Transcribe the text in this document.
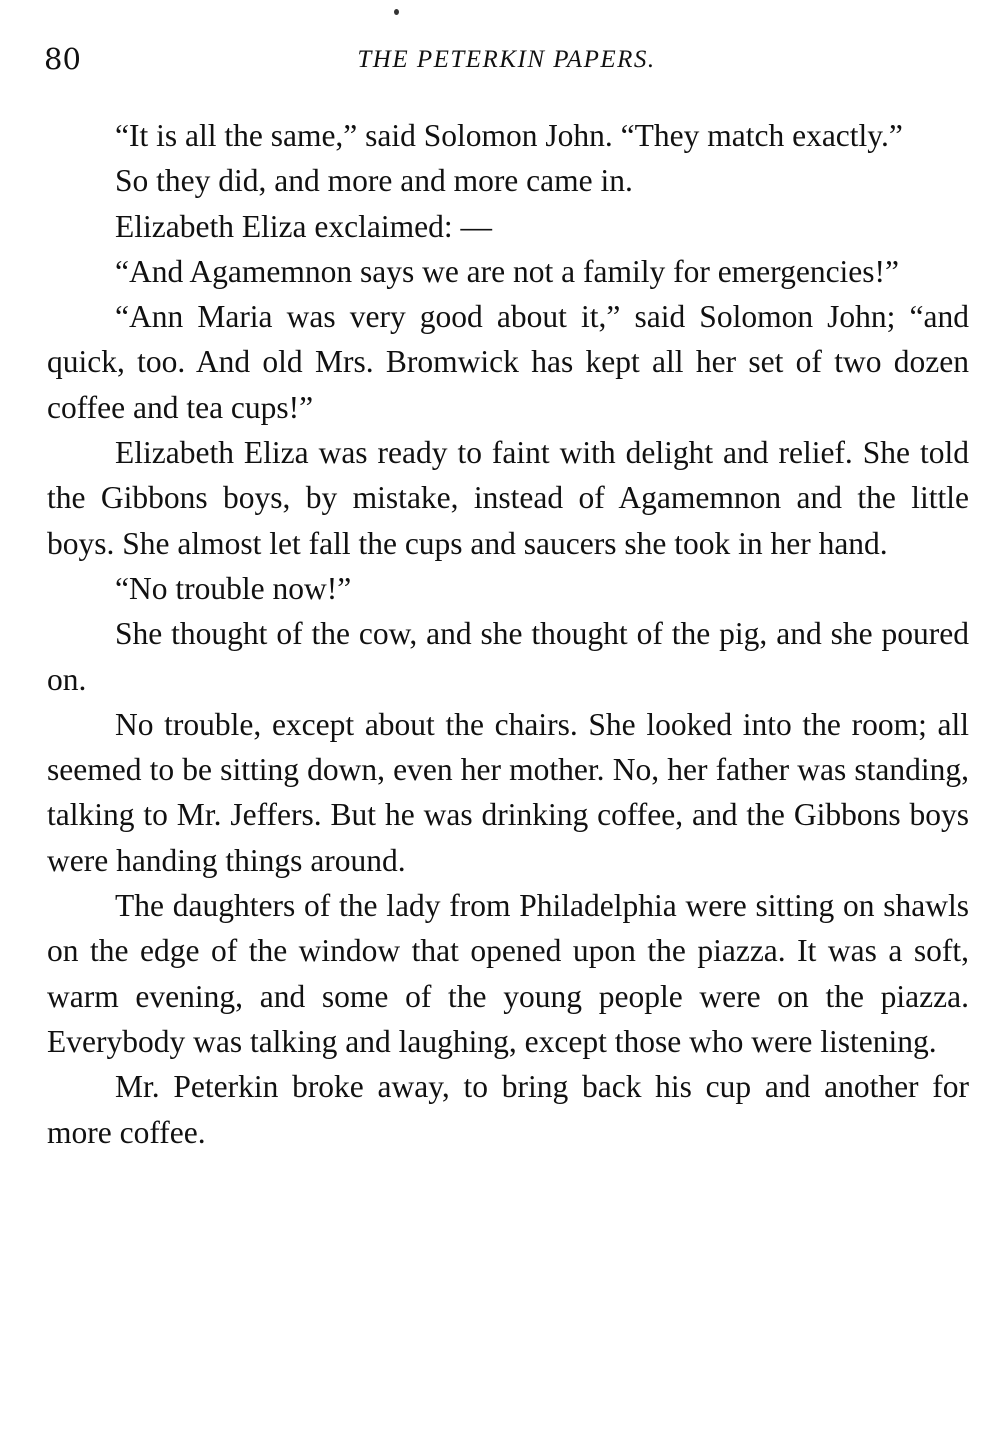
80	THE PETERKIN PAPERS.

“It is all the same,” said Solomon John. “They match exactly.”

So they did, and more and more came in.

Elizabeth Eliza exclaimed: —

“And Agamemnon says we are not a family for emergencies!”

“Ann Maria was very good about it,” said Solomon John; “and quick, too. And old Mrs. Bromwick has kept all her set of two dozen coffee and tea cups!”

Elizabeth Eliza was ready to faint with delight and relief. She told the Gibbons boys, by mistake, instead of Agamemnon and the little boys. She almost let fall the cups and saucers she took in her hand.

“No trouble now!”

She thought of the cow, and she thought of the pig, and she poured on.

No trouble, except about the chairs. She looked into the room; all seemed to be sitting down, even her mother. No, her father was standing, talking to Mr. Jeffers. But he was drinking coffee, and the Gibbons boys were handing things around.

The daughters of the lady from Philadelphia were sitting on shawls on the edge of the window that opened upon the piazza. It was a soft, warm evening, and some of the young people were on the piazza. Everybody was talking and laughing, except those who were listening.

Mr. Peterkin broke away, to bring back his cup and another for more coffee.
